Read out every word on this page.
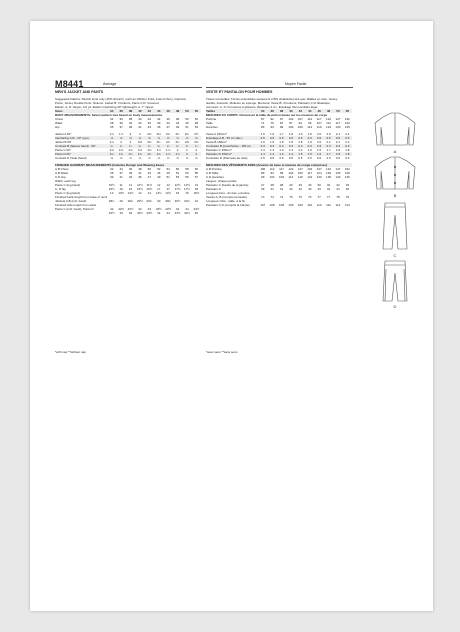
M8441	Average	Moyen Facile
MEN'S JACKET AND PANTS	VESTE ET PANTALON POUR HOMMES
Suggested Fabrics: Stretch knits only (15% Stretch), such as: Ribbon Knits, French Terry, Interlock,
Ponte, Jersey Double Knits. Notions: Jacket B: 3 buttons; Pants C,D: Covered
Elastic. A, D: Zipper, 1/2 yd. Elastic Interfacing 20" lightweight, A: 7" zipper.
Sizes	34	36	38	40	42	44	46	48	50	52
BODY MEASUREMENTS: Select pattern size based on body measurements
Chest	34	36	38	40	42	44	46	48	50	52
Waist	28	30	32	34	36	39	42	44	46	48
Hip	35	37	39	41	43	45	47	49	51	53
Jacket A 60"	1⅞	1⅞	2	2	2⅛	2⅛	2¼	2¼	2¼	2½
Interfacing A,B - 20" (opt.)	⅝	⅝	⅝	⅝	⅝	⅝	⅝	⅝	⅝	⅝
Jacket B 60"	1⅞	2	2	2⅛	2⅛	2¼	2¼	2¼	2⅜	2⅜
Contrast B (Sleeve band) - 60"	¼	¼	¼	¼	¼	¼	¼	¼	¼	¼
Pants C 60"	1⅝	1⅝	1⅝	1⅝	1⅝	1⅞	1⅞	2	2	2
Pants D 60"	1¾	1¾	1¾	1¾	1¾	1¾	1⅞	1⅞	2	2
Contrast D (Side Panel)	⅝	⅝	⅝	⅝	⅝	⅝	⅝	⅝	⅝	⅝
FINISHED GARMENT MEASUREMENTS (Includes Design and Wearing Ease)
A,B Chest	42	44	46	48	50	52	54	56	58	60
A,B Waist	35	37	39	41	43	46	49	51	53	55
C,D Hip	39	41	43	45	47	49	51	53	55	57
Width, each leg
Pants C (leg band)	10½	11	11	11½	11½	12	12	12½	12½	13
C, D hip	15½	16	16	16½	16½	17	17	17½	17½	18
Pants C (leg band)	13	13½	13½	14	14	14½	14½	15	15	15½
Finished back length from base of neck
Jackets A,B (incl. band)	28¾	29	29¼	29½	29¾	30	30¼	30½	30¾	31
Finished side length from waist
Pants C (incl. band), Pants D	42	42½	42½	43	43	43½	43½	44	44	44½
42½	43	43	43½	43½	44	44	44½	44½	45
Tissus Conseillés: Tricots extensibles seulement (15% d'élasticité) tels que: Mailles en côte, Jersey
double, Interlock, Molleton en éponge. Mercerie: Veste B: 3 boutons; Pantalon C,D: Élastique
recouvert. A, D: Fermeture à glissière. Élastique 2 cm. Entoilage thermocollant léger.
Tailles	34	36	38	40	42	44	46	48	50	52
MESURES DU CORPS: Choisissez la taille du patron basée sur les mesures du corps
Poitrine	87	92	97	102	107	112	117	122	127	132
Taille	71	76	81	87	92	99	107	112	117	122
Hanches	89	94	99	104	109	114	119	124	130	135
Veste A 150cm*	1.6	1.6	1.7	1.8	1.9	1.9	2.0	2.0	2.1	2.1
Entoilage A,B - 50 cm (fac.)	0.5	0.5	0.5	0.5	0.5	0.5	0.5	0.5	0.5	0.5
Veste B 150cm*	1.6	1.6	1.8	1.8	1.8	1.9	2.0	2.1	2.1	2.2
Contraste B (manchette) - 150 cm	0.3	0.3	0.3	0.3	0.3	0.3	0.3	0.3	0.3	0.3
Pantalon C 150cm*	1.3	1.3	1.3	1.3	1.4	1.6	1.6	1.7	1.8	1.8
Pantalon D 150cm*	1.4	1.4	1.4	1.4	1.5	1.5	1.6	1.7	1.8	1.8
Contraste D (Panneau de côté)	0.5	0.5	0.5	0.5	0.5	0.5	0.5	0.5	0.5	0.5
MESURES DES VÊTEMENTS FINIS (Aisance de base et aisance de coupe comprises)
A,B Poitrine	106	112	117	122	127	132	137	142	147	152
A,B Taille	89	94	99	104	109	117	124	130	135	140
C,D Hanches	99	104	109	114	119	124	130	135	140	145
Largeur, chaque jambe
Pantalon C (bande de la jambe)	27	28	28	29	29	30	30	32	32	33
Pantalon D	39	41	41	42	42	43	43	44	44	46
Longueur Dos - du bas, encolure
Vestes A, B (compris la bande)	73	74	74	75	76	76	77	77	78	79
Longueur Côté - taille, à la fin
Pantalon C,D (compris la bande)	107	108	108	109	109	110	110	112	112	113
*with nap **without nap	*avec sens **sans sens
A
B
C
D
